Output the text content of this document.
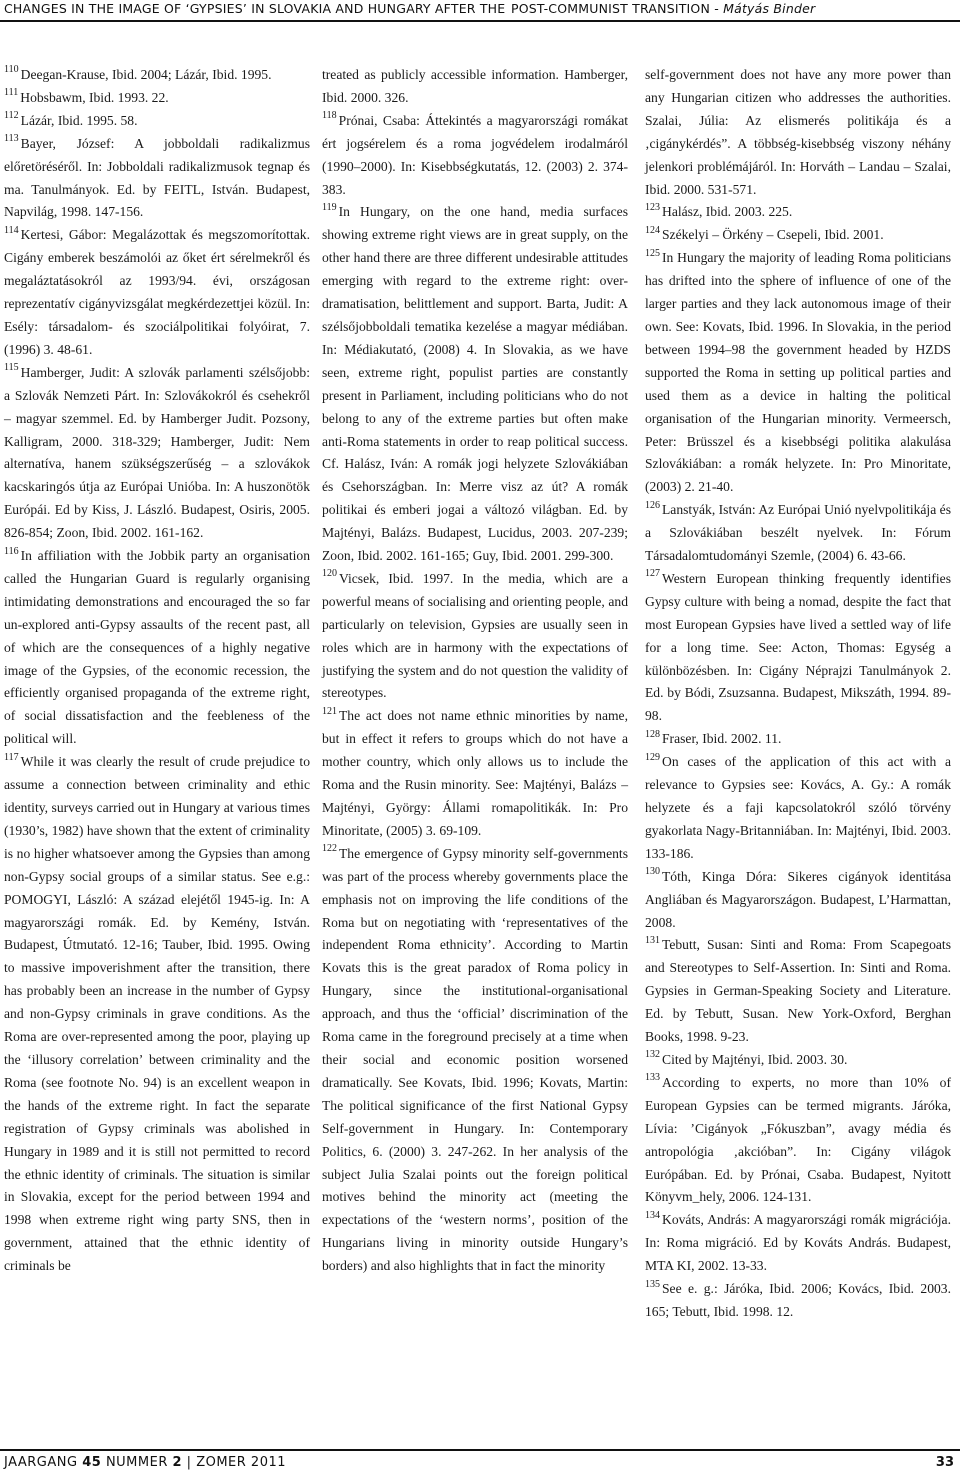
CHANGES IN THE IMAGE OF ‘GYPSIES’ IN SLOVAKIA AND HUNGARY AFTER THE POST-COMMUNIST TRANSITION - Mátyás Binder

$^{110}$ Deegan-Krause, Ibid. 2004; Lázár, Ibid. 1995.

$^{111}$ Hobsbawm, Ibid. 1993. 22.

$^{112}$ Lázár, Ibid. 1995. 58.

$^{113}$ Bayer, József: A jobboldali radikalizmus előretöréséről. In: Jobboldali radikalizmusok tegnap és ma. Tanulmányok. Ed. by FEITL, István. Budapest, Napvilág, 1998. 147-156.

$^{114}$ Kertesi, Gábor: Megalázottak és megszomorítottak. Cigány emberek beszámolói az őket ért sérelmekről és megaláztatásokról az 1993/94. évi, országosan reprezentatív cigányvizsgálat megkérdezettjei közül. In: Esély: társadalom- és szociálpolitikai folyóirat, 7. (1996) 3. 48-61.

$^{115}$ Hamberger, Judit: A szlovák parlamenti szélsőjobb: a Szlovák Nemzeti Párt. In: Szlovákokról és csehekről – magyar szemmel. Ed. by Hamberger Judit. Pozsony, Kalligram, 2000. 318-329; Hamberger, Judit: Nem alternatíva, hanem szükségszerűség – a szlovákok kacskaringós útja az Európai Unióba. In: A huszonötök Európái. Ed by Kiss, J. László. Budapest, Osiris, 2005. 826-854; Zoon, Ibid. 2002. 161-162.

$^{116}$ In affiliation with the Jobbik party an organisation called the Hungarian Guard is regularly organising intimidating demonstrations and encouraged the so far un-explored anti-Gypsy assaults of the recent past, all of which are the consequences of a highly negative image of the Gypsies, of the economic recession, the efficiently organised propaganda of the extreme right, of social dissatisfaction and the feebleness of the political will.

$^{117}$ While it was clearly the result of crude prejudice to assume a connection between criminality and ethic identity, surveys carried out in Hungary at various times (1930’s, 1982) have shown that the extent of criminality is no higher whatsoever among the Gypsies than among non-Gypsy social groups of a similar status. See e.g.: POMOGYI, László: A század elejétől 1945-ig. In: A magyarországi romák. Ed. by Kemény, István. Budapest, Útmutató. 12-16; Tauber, Ibid. 1995. Owing to massive impoverishment after the transition, there has probably been an increase in the number of Gypsy and non-Gypsy criminals in grave conditions. As the Roma are over-represented among the poor, playing up the ‘illusory correlation’ between criminality and the Roma (see footnote No. 94) is an excellent weapon in the hands of the extreme right. In fact the separate registration of Gypsy criminals was abolished in Hungary in 1989 and it is still not permitted to record the ethnic identity of criminals. The situation is similar in Slovakia, except for the period between 1994 and 1998 when extreme right wing party SNS, then in government, attained that the ethnic identity of criminals be

treated as publicly accessible information. Hamberger, Ibid. 2000. 326.

$^{118}$ Prónai, Csaba: Áttekintés a magyarországi romákat ért jogsérelem és a roma jogvédelem irodalmáról (1990–2000). In: Kisebbségkutatás, 12. (2003) 2. 374-383.

$^{119}$ In Hungary, on the one hand, media surfaces showing extreme right views are in great supply, on the other hand there are three different undesirable attitudes emerging with regard to the extreme right: over-dramatisation, belittlement and support. Barta, Judit: A szélsőjobboldali tematika kezelése a magyar médiában. In: Médiakutató, (2008) 4. In Slovakia, as we have seen, extreme right, populist parties are constantly present in Parliament, including politicians who do not belong to any of the extreme parties but often make anti-Roma statements in order to reap political success. Cf. Halász, Iván: A romák jogi helyzete Szlovákiában és Csehországban. In: Merre visz az út? A romák politikai és emberi jogai a változó világban. Ed. by Majtényi, Balázs. Budapest, Lucidus, 2003. 207-239; Zoon, Ibid. 2002. 161-165; Guy, Ibid. 2001. 299-300.

$^{120}$ Vicsek, Ibid. 1997. In the media, which are a powerful means of socialising and orienting people, and particularly on television, Gypsies are usually seen in roles which are in harmony with the expectations of justifying the system and do not question the validity of stereotypes.

$^{121}$ The act does not name ethnic minorities by name, but in effect it refers to groups which do not have a mother country, which only allows us to include the Roma and the Rusin minority. See: Majtényi, Balázs – Majtényi, György: Állami romapolitikák. In: Pro Minoritate, (2005) 3. 69-109.

$^{122}$ The emergence of Gypsy minority self-governments was part of the process whereby governments place the emphasis not on improving the life conditions of the Roma but on negotiating with ‘representatives of the independent Roma ethnicity’. According to Martin Kovats this is the great paradox of Roma policy in Hungary, since the institutional-organisational approach, and thus the ‘official’ discrimination of the Roma came in the foreground precisely at a time when their social and economic position worsened dramatically. See Kovats, Ibid. 1996; Kovats, Martin: The political significance of the first National Gypsy Self-government in Hungary. In: Contemporary Politics, 6. (2000) 3. 247-262. In her analysis of the subject Julia Szalai points out the foreign political motives behind the minority act (meeting the expectations of the ‘western norms’, position of the Hungarians living in minority outside Hungary’s borders) and also highlights that in fact the minority

self-government does not have any more power than any Hungarian citizen who addresses the authorities. Szalai, Júlia: Az elismerés politikája és a ‚cigánykérdés”. A többség-kisebbség viszony néhány jelenkori problémájáról. In: Horváth – Landau – Szalai, Ibid. 2000. 531-571.

$^{123}$ Halász, Ibid. 2003. 225.

$^{124}$ Székelyi – Örkény – Csepeli, Ibid. 2001.

$^{125}$ In Hungary the majority of leading Roma politicians has drifted into the sphere of influence of one of the larger parties and they lack autonomous image of their own. See: Kovats, Ibid. 1996. In Slovakia, in the period between 1994–98 the government headed by HZDS supported the Roma in setting up political parties and used them as a device in halting the political organisation of the Hungarian minority. Vermeersch, Peter: Brüsszel és a kisebbségi politika alakulása Szlovákiában: a romák helyzete. In: Pro Minoritate, (2003) 2. 21-40.

$^{126}$ Lanstyák, István: Az Európai Unió nyelvpolitikája és a Szlovákiában beszélt nyelvek. In: Fórum Társadalomtudományi Szemle, (2004) 6. 43-66.

$^{127}$ Western European thinking frequently identifies Gypsy culture with being a nomad, despite the fact that most European Gypsies have lived a settled way of life for a long time. See: Acton, Thomas: Egység a különbözésben. In: Cigány Néprajzi Tanulmányok 2. Ed. by Bódi, Zsuzsanna. Budapest, Mikszáth, 1994. 89-98.

$^{128}$ Fraser, Ibid. 2002. 11.

$^{129}$ On cases of the application of this act with a relevance to Gypsies see: Kovács, A. Gy.: A romák helyzete és a faji kapcsolatokról szóló törvény gyakorlata Nagy-Britanniában. In: Majtényi, Ibid. 2003. 133-186.

$^{130}$ Tóth, Kinga Dóra: Sikeres cigányok identitása Angliában és Magyarországon. Budapest, L’Harmattan, 2008.

$^{131}$ Tebutt, Susan: Sinti and Roma: From Scapegoats and Stereotypes to Self-Assertion. In: Sinti and Roma. Gypsies in German-Speaking Society and Literature. Ed. by Tebutt, Susan. New York-Oxford, Berghan Books, 1998. 9-23.

$^{132}$ Cited by Majtényi, Ibid. 2003. 30.

$^{133}$ According to experts, no more than 10% of European Gypsies can be termed migrants. Járóka, Lívia: ’Cigányok „Fókuszban”, avagy média és antropológia ‚akcióban”. In: Cigány világok Európában. Ed. by Prónai, Csaba. Budapest, Nyitott Könyvm_hely, 2006. 124-131.

$^{134}$ Kováts, András: A magyarországi romák migrációja. In: Roma migráció. Ed by Kováts András. Budapest, MTA KI, 2002. 13-33.

$^{135}$ See e. g.: Járóka, Ibid. 2006; Kovács, Ibid. 2003. 165; Tebutt, Ibid. 1998. 12.

JAARGANG 45 NUMMER 2 | ZOMER 2011	33
